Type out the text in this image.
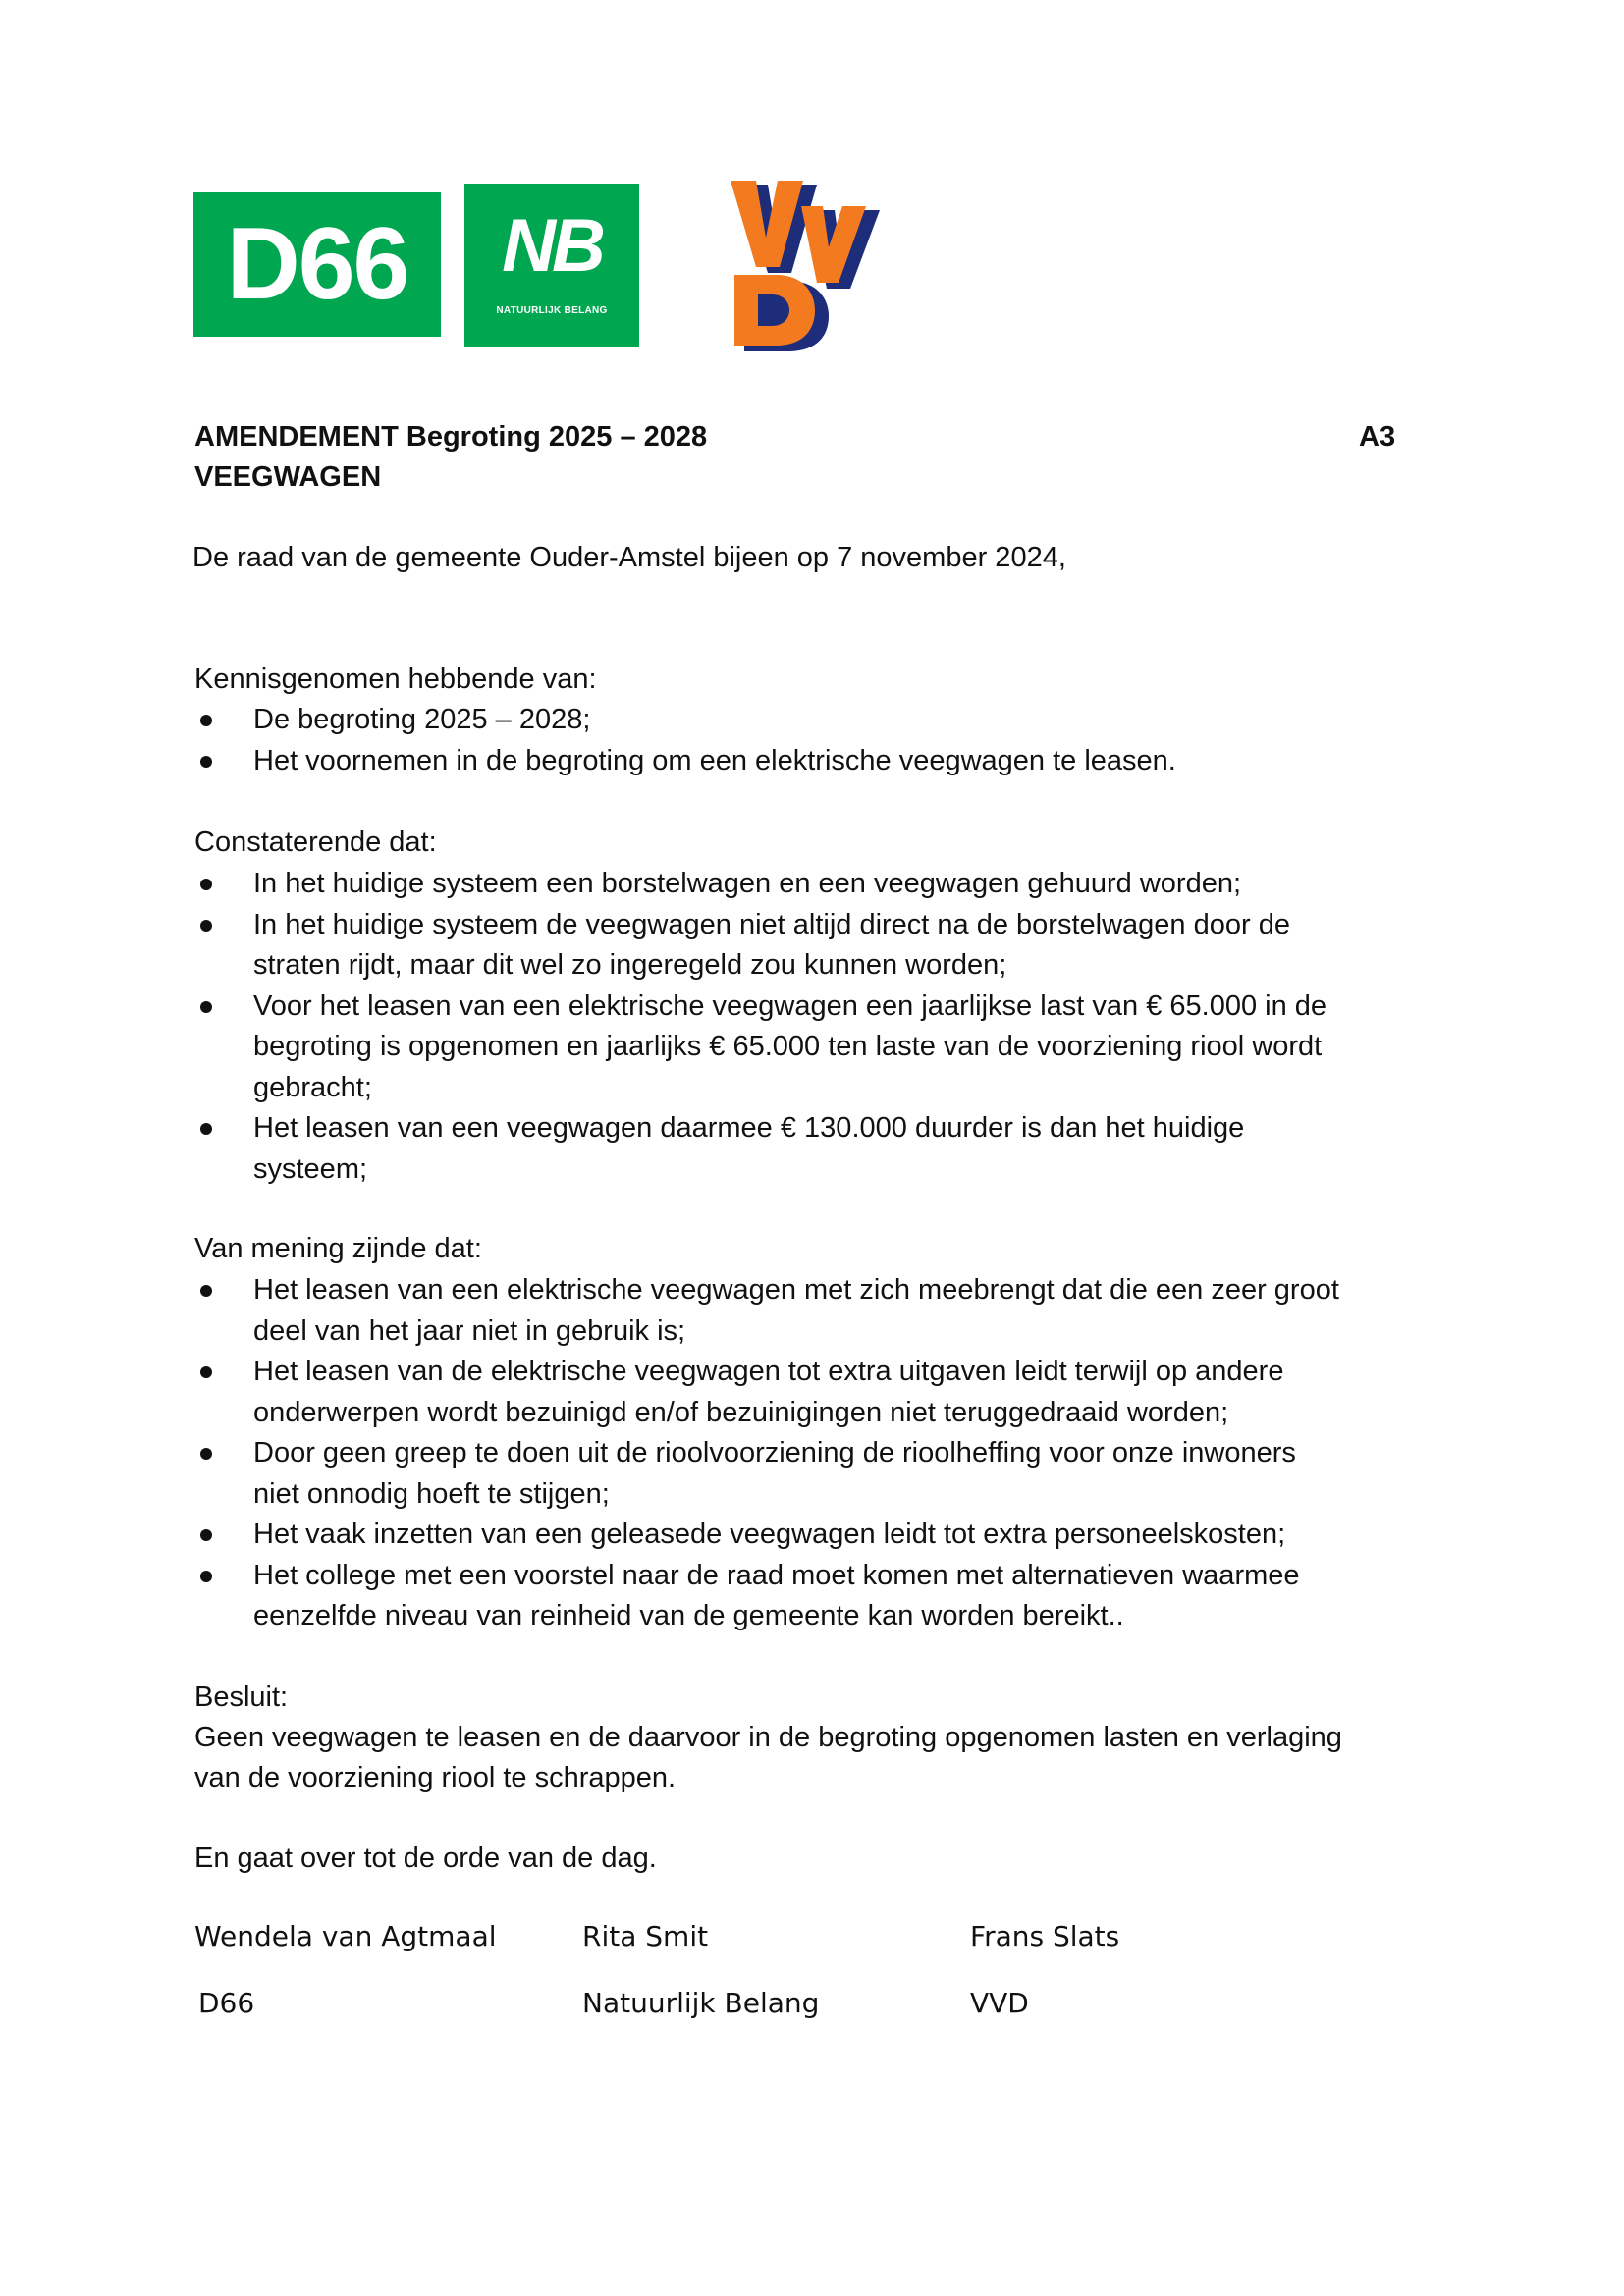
D66	NB
NATUURLIJK BELANG
AMENDEMENT Begroting 2025 – 2028	A3
VEEGWAGEN
De raad van de gemeente Ouder-Amstel bijeen op 7 november 2024,
Kennisgenomen hebbende van:
De begroting 2025 – 2028;
Het voornemen in de begroting om een elektrische veegwagen te leasen.
Constaterende dat:
In het huidige systeem een borstelwagen en een veegwagen gehuurd worden;
In het huidige systeem de veegwagen niet altijd direct na de borstelwagen door de
straten rijdt, maar dit wel zo ingeregeld zou kunnen worden;
Voor het leasen van een elektrische veegwagen een jaarlijkse last van € 65.000 in de
begroting is opgenomen en jaarlijks € 65.000 ten laste van de voorziening riool wordt
gebracht;
Het leasen van een veegwagen daarmee € 130.000 duurder is dan het huidige
systeem;
Van mening zijnde dat:
Het leasen van een elektrische veegwagen met zich meebrengt dat die een zeer groot
deel van het jaar niet in gebruik is;
Het leasen van de elektrische veegwagen tot extra uitgaven leidt terwijl op andere
onderwerpen wordt bezuinigd en/of bezuinigingen niet teruggedraaid worden;
Door geen greep te doen uit de rioolvoorziening de rioolheffing voor onze inwoners
niet onnodig hoeft te stijgen;
Het vaak inzetten van een geleasede veegwagen leidt tot extra personeelskosten;
Het college met een voorstel naar de raad moet komen met alternatieven waarmee
eenzelfde niveau van reinheid van de gemeente kan worden bereikt..
Besluit:
Geen veegwagen te leasen en de daarvoor in de begroting opgenomen lasten en verlaging
van de voorziening riool te schrappen.
En gaat over tot de orde van de dag.
Wendela van Agtmaal	Rita Smit	Frans Slats
D66	Natuurlijk Belang	VVD
